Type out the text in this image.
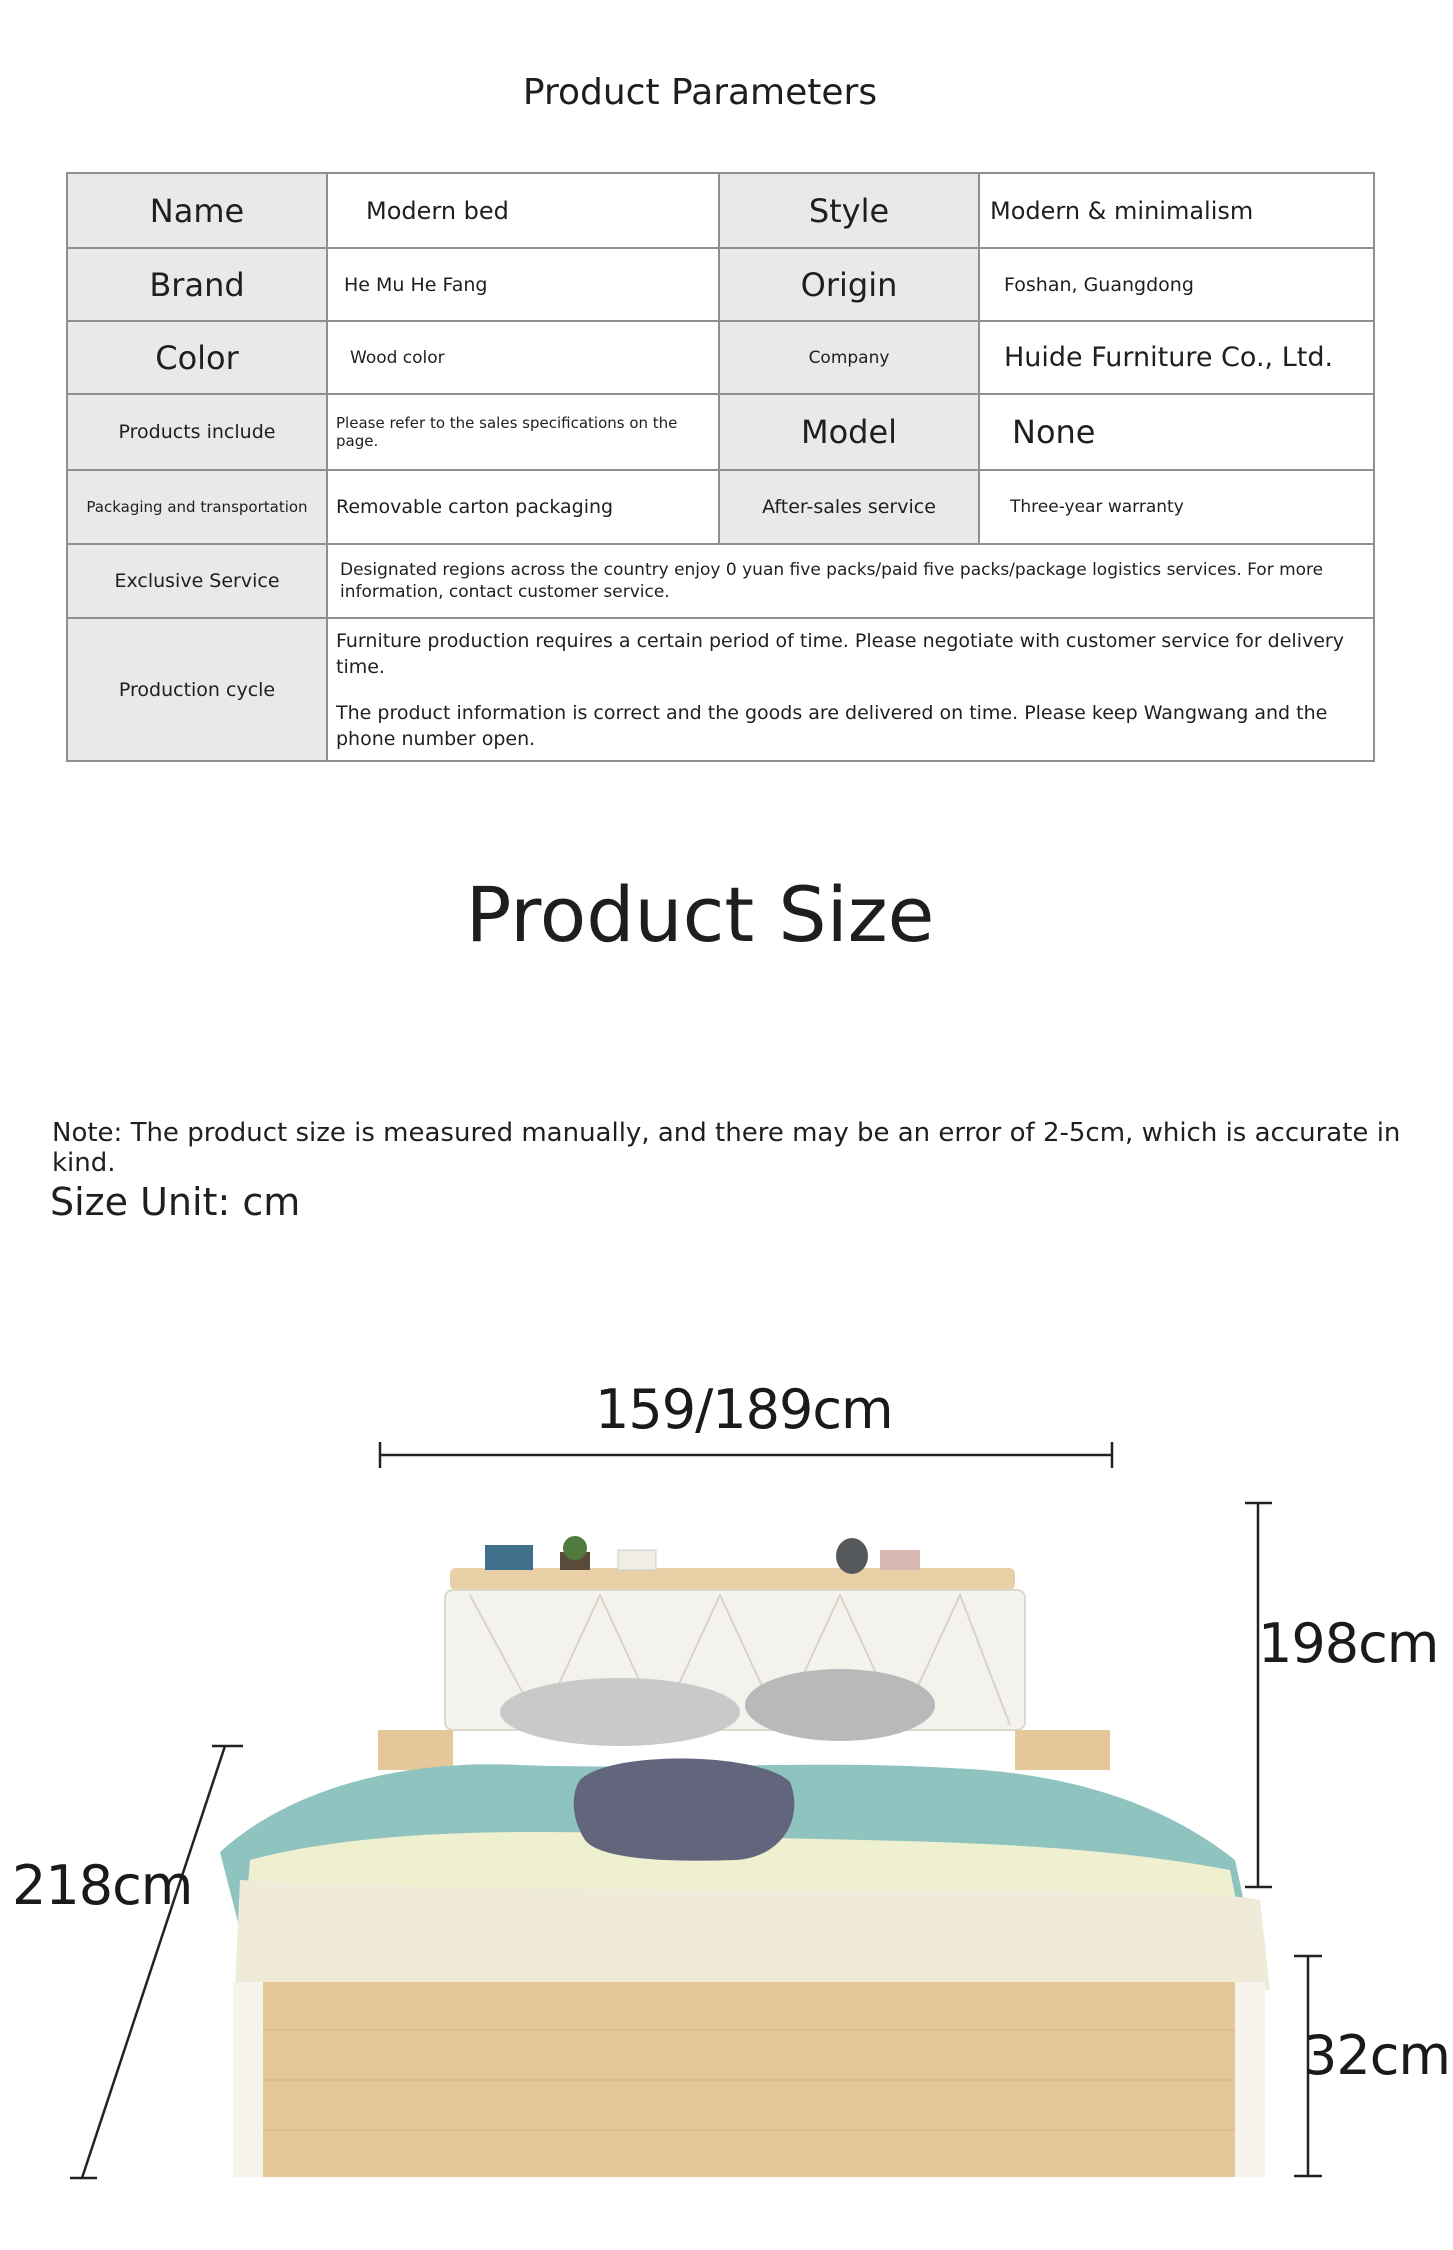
Product Parameters
Name	Modern bed	Style	Modern & minimalism
Brand	He Mu He Fang	Origin	Foshan, Guangdong
Color	Wood color	Company	Huide Furniture Co., Ltd.
Products include	Please refer to the sales specifications on the page.	Model	None
Packaging and transportation	Removable carton packaging	After-sales service	Three-year warranty
Exclusive Service	Designated regions across the country enjoy 0 yuan five packs/paid five packs/package logistics services. For more information, contact customer service.		
Production cycle	Furniture production requires a certain period of time. Please negotiate with customer service for delivery time.
The product information is correct and the goods are delivered on time. Please keep Wangwang and the phone number open.		
Product Size
Note: The product size is measured manually, and there may be an error of 2-5cm, which is accurate in kind.
Size Unit: cm
159/189cm
198cm
218cm
32cm
